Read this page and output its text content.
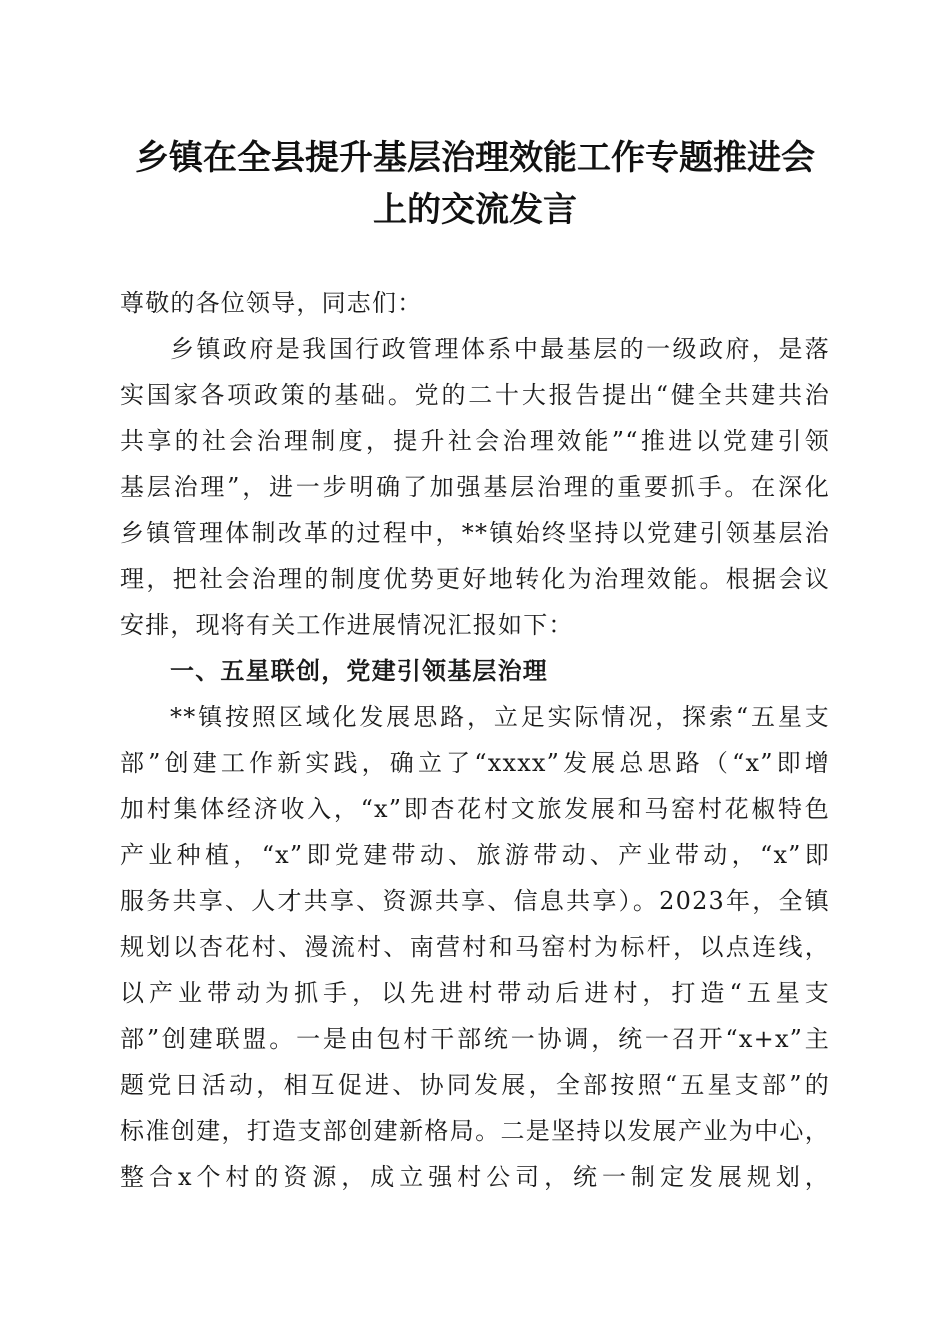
乡镇在全县提升基层治理效能工作专题推进会
上的交流发言
尊敬的各位领导，同志们：
乡镇政府是我国行政管理体系中最基层的一级政府，是落
实国家各项政策的基础。党的二十大报告提出“健全共建共治
共享的社会治理制度，提升社会治理效能”“推进以党建引领
基层治理”，进一步明确了加强基层治理的重要抓手。在深化
乡镇管理体制改革的过程中，**镇始终坚持以党建引领基层治
理，把社会治理的制度优势更好地转化为治理效能。根据会议
安排，现将有关工作进展情况汇报如下：
一、五星联创，党建引领基层治理
**镇按照区域化发展思路，立足实际情况，探索“五星支
部”创建工作新实践，确立了“xxxx”发展总思路（“x”即增
加村集体经济收入，“x”即杏花村文旅发展和马窑村花椒特色
产业种植，“x”即党建带动、旅游带动、产业带动，“x”即
服务共享、人才共享、资源共享、信息共享）。2023年，全镇
规划以杏花村、漫流村、南营村和马窑村为标杆，以点连线，
以产业带动为抓手，以先进村带动后进村，打造“五星支
部”创建联盟。一是由包村干部统一协调，统一召开“x+x”主
题党日活动，相互促进、协同发展，全部按照“五星支部”的
标准创建，打造支部创建新格局。二是坚持以发展产业为中心，
整合x个村的资源，成立强村公司，统一制定发展规划，
